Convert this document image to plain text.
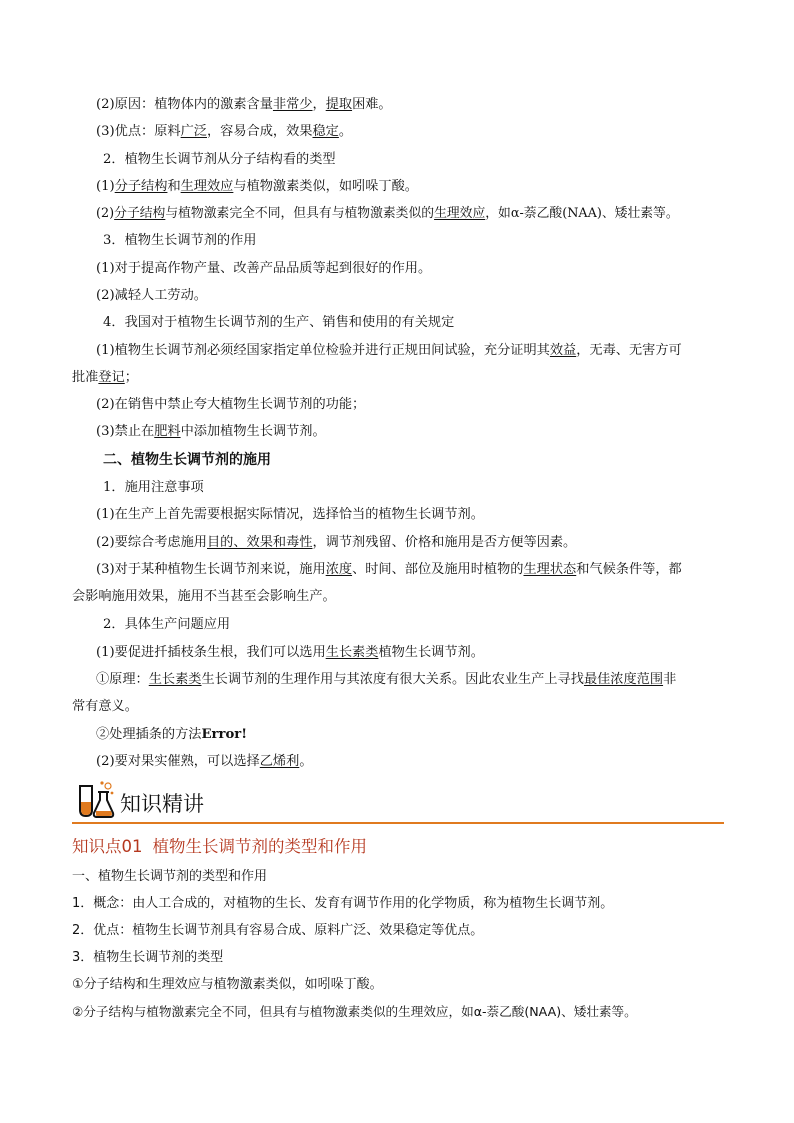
(2)原因：植物体内的激素含量非常少，提取困难。
(3)优点：原料广泛，容易合成，效果稳定。
2．植物生长调节剂从分子结构看的类型
(1)分子结构和生理效应与植物激素类似，如吲哚丁酸。
(2)分子结构与植物激素完全不同，但具有与植物激素类似的生理效应，如α-萘乙酸(NAA)、矮壮素等。
3．植物生长调节剂的作用
(1)对于提高作物产量、改善产品品质等起到很好的作用。
(2)减轻人工劳动。
4．我国对于植物生长调节剂的生产、销售和使用的有关规定
(1)植物生长调节剂必须经国家指定单位检验并进行正规田间试验，充分证明其效益，无毒、无害方可
批准登记；
(2)在销售中禁止夸大植物生长调节剂的功能；
(3)禁止在肥料中添加植物生长调节剂。
二、植物生长调节剂的施用
1．施用注意事项
(1)在生产上首先需要根据实际情况，选择恰当的植物生长调节剂。
(2)要综合考虑施用目的、效果和毒性，调节剂残留、价格和施用是否方便等因素。
(3)对于某种植物生长调节剂来说，施用浓度、时间、部位及施用时植物的生理状态和气候条件等，都
会影响施用效果，施用不当甚至会影响生产。
2．具体生产问题应用
(1)要促进扦插枝条生根，我们可以选用生长素类植物生长调节剂。
①原理：生长素类生长调节剂的生理作用与其浓度有很大关系。因此农业生产上寻找最佳浓度范围非
常有意义。
②处理插条的方法Error!
(2)要对果实催熟，可以选择乙烯利。
知识精讲
知识点01 植物生长调节剂的类型和作用
一、植物生长调节剂的类型和作用
1．概念：由人工合成的，对植物的生长、发育有调节作用的化学物质，称为植物生长调节剂。
2．优点：植物生长调节剂具有容易合成、原料广泛、效果稳定等优点。
3．植物生长调节剂的类型
①分子结构和生理效应与植物激素类似，如吲哚丁酸。
②分子结构与植物激素完全不同，但具有与植物激素类似的生理效应，如α-萘乙酸(NAA)、矮壮素等。
